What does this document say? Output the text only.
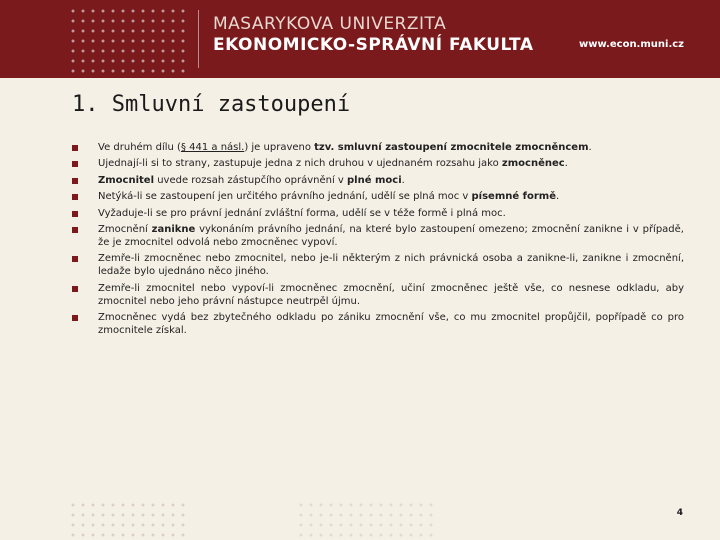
MASARYKOVA UNIVERZITA
EKONOMICKO-SPRÁVNÍ FAKULTA	www.econ.muni.cz
1. Smluvní zastoupení
Ve druhém dílu (§ 441 a násl.) je upraveno tzv. smluvní zastoupení zmocnitele zmocněncem.
Ujednají-li si to strany, zastupuje jedna z nich druhou v ujednaném rozsahu jako zmocněnec.
Zmocnitel uvede rozsah zástupčího oprávnění v plné moci.
Netýká-li se zastoupení jen určitého právního jednání, udělí se plná moc v písemné formě.
Vyžaduje-li se pro právní jednání zvláštní forma, udělí se v téže formě i plná moc.
Zmocnění zanikne vykonáním právního jednání, na které bylo zastoupení omezeno; zmocnění zanikne i v případě, že je zmocnitel odvolá nebo zmocněnec vypoví.
Zemře-li zmocněnec nebo zmocnitel, nebo je-li některým z nich právnická osoba a zanikne-li, zanikne i zmocnění, ledaže bylo ujednáno něco jiného.
Zemře-li zmocnitel nebo vypoví-li zmocněnec zmocnění, učiní zmocněnec ještě vše, co nesnese odkladu, aby zmocnitel nebo jeho právní nástupce neutrpěl újmu.
Zmocněnec vydá bez zbytečného odkladu po zániku zmocnění vše, co mu zmocnitel propůjčil, popřípadě co pro zmocnitele získal.
4
